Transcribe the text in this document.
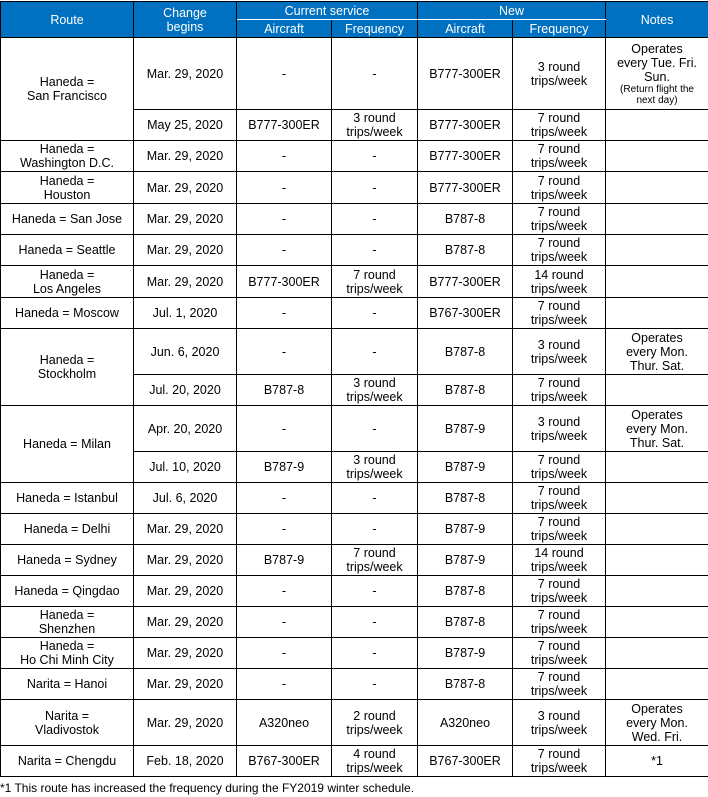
Route	Change
begins	Current service		New		Notes
		Aircraft	Frequency	Aircraft	Frequency	

Haneda =
San Francisco	Mar. 29, 2020	-	-	B777-300ER	3 round
trips/week	Operates
every Tue. Fri.
Sun.
(Return flight the
next day)

	May 25, 2020	B777-300ER	3 round
trips/week	B777-300ER	7 round
trips/week	

Haneda =
Washington D.C.	Mar. 29, 2020	-	-	B777-300ER	7 round
trips/week	

Haneda =
Houston	Mar. 29, 2020	-	-	B777-300ER	7 round
trips/week	

Haneda = San Jose	Mar. 29, 2020	-	-	B787-8	7 round
trips/week	

Haneda = Seattle	Mar. 29, 2020	-	-	B787-8	7 round
trips/week	

Haneda =
Los Angeles	Mar. 29, 2020	B777-300ER	7 round
trips/week	B777-300ER	14 round
trips/week	

Haneda = Moscow	Jul. 1, 2020	-	-	B767-300ER	7 round
trips/week	

Haneda =
Stockholm	Jun. 6, 2020	-	-	B787-8	3 round
trips/week	Operates
every Mon.
Thur. Sat.

	Jul. 20, 2020	B787-8	3 round
trips/week	B787-8	7 round
trips/week	

Haneda = Milan	Apr. 20, 2020	-	-	B787-9	3 round
trips/week	Operates
every Mon.
Thur. Sat.

	Jul. 10, 2020	B787-9	3 round
trips/week	B787-9	7 round
trips/week	

Haneda = Istanbul	Jul. 6, 2020	-	-	B787-8	7 round
trips/week	

Haneda = Delhi	Mar. 29, 2020	-	-	B787-9	7 round
trips/week	

Haneda = Sydney	Mar. 29, 2020	B787-9	7 round
trips/week	B787-9	14 round
trips/week	

Haneda = Qingdao	Mar. 29, 2020	-	-	B787-8	7 round
trips/week	

Haneda =
Shenzhen	Mar. 29, 2020	-	-	B787-8	7 round
trips/week	

Haneda =
Ho Chi Minh City	Mar. 29, 2020	-	-	B787-9	7 round
trips/week	

Narita = Hanoi	Mar. 29, 2020	-	-	B787-8	7 round
trips/week	

Narita =
Vladivostok	Mar. 29, 2020	A320neo	2 round
trips/week	A320neo	3 round
trips/week	Operates
every Mon.
Wed. Fri.

Narita = Chengdu	Feb. 18, 2020	B767-300ER	4 round
trips/week	B767-300ER	7 round
trips/week	*1
*1 This route has increased the frequency during the FY2019 winter schedule.
